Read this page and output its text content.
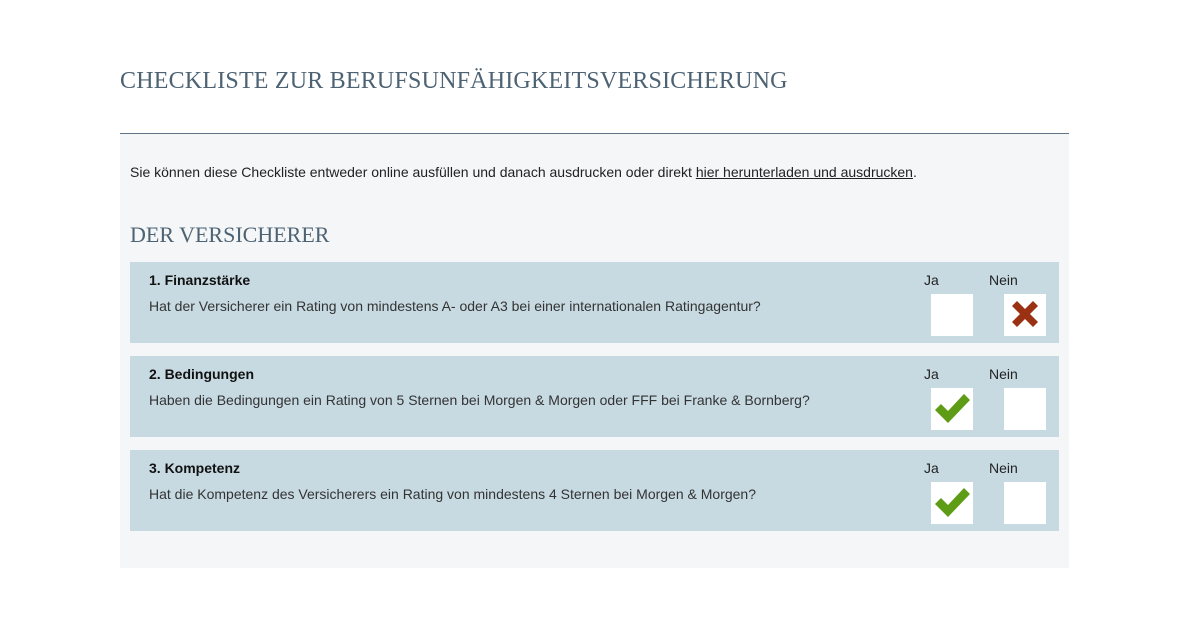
CHECKLISTE ZUR BERUFSUNFÄHIGKEITSVERSICHERUNG

Sie können diese Checkliste entweder online ausfüllen und danach ausdrucken oder direkt hier herunterladen und ausdrucken.

DER VERSICHERER
1. Finanzstärke
Hat der Versicherer ein Rating von mindestens A- oder A3 bei einer internationalen Ratingagentur?
Ja	Nein
2. Bedingungen
Haben die Bedingungen ein Rating von 5 Sternen bei Morgen & Morgen oder FFF bei Franke & Bornberg?
Ja	Nein
3. Kompetenz
Hat die Kompetenz des Versicherers ein Rating von mindestens 4 Sternen bei Morgen & Morgen?
Ja	Nein
